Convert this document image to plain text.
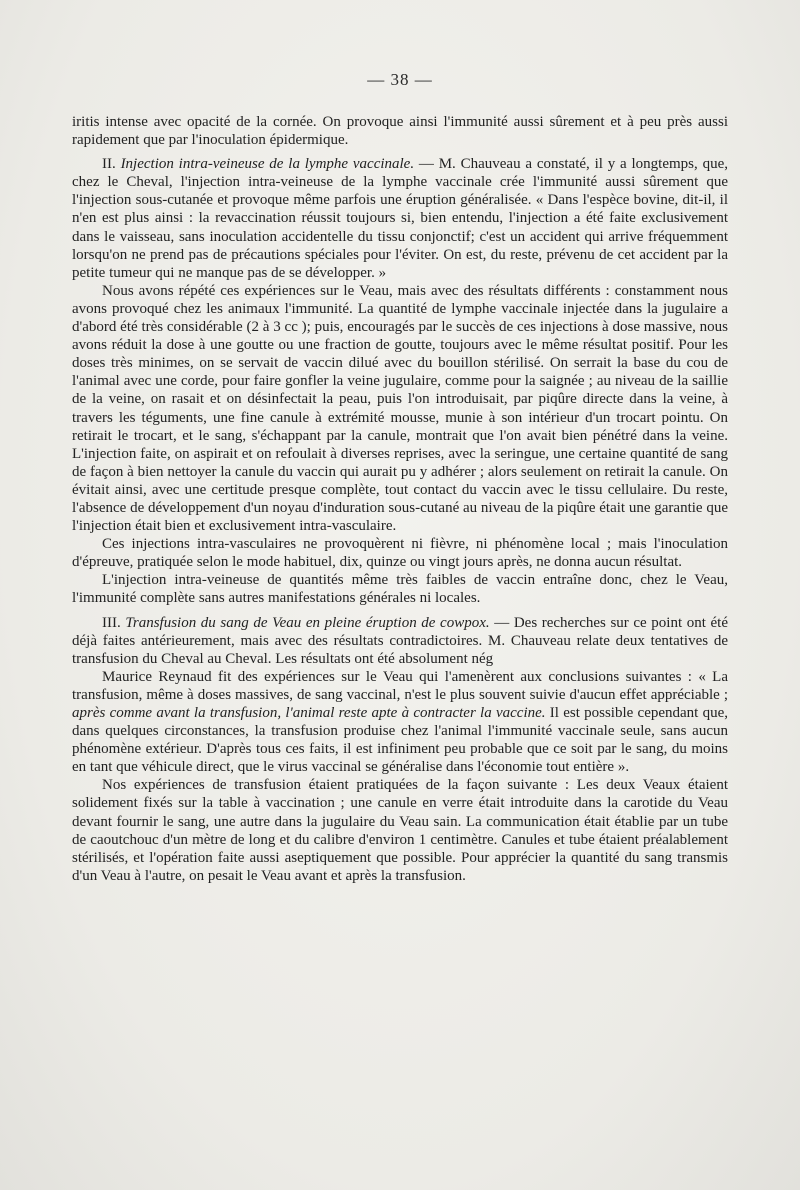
— 38 —

iritis intense avec opacité de la cornée. On provoque ainsi l'immunité aussi sûrement et à peu près aussi rapidement que par l'inoculation épidermique.

II. Injection intra-veineuse de la lymphe vaccinale. — M. Chauveau a constaté, il y a longtemps, que, chez le Cheval, l'injection intra-veineuse de la lymphe vaccinale crée l'immunité aussi sûrement que l'injection sous-cutanée et provoque même parfois une éruption généralisée. « Dans l'espèce bovine, dit-il, il n'en est plus ainsi : la revaccination réussit toujours si, bien entendu, l'injection a été faite exclusivement dans le vaisseau, sans inoculation accidentelle du tissu conjonctif; c'est un accident qui arrive fréquemment lorsqu'on ne prend pas de précautions spéciales pour l'éviter. On est, du reste, prévenu de cet accident par la petite tumeur qui ne manque pas de se développer. »

Nous avons répété ces expériences sur le Veau, mais avec des résultats différents : constamment nous avons provoqué chez les animaux l'immunité. La quantité de lymphe vaccinale injectée dans la jugulaire a d'abord été très considérable (2 à 3 cc ); puis, encouragés par le succès de ces injections à dose massive, nous avons réduit la dose à une goutte ou une fraction de goutte, toujours avec le même résultat positif. Pour les doses très minimes, on se servait de vaccin dilué avec du bouillon stérilisé. On serrait la base du cou de l'animal avec une corde, pour faire gonfler la veine jugulaire, comme pour la saignée ; au niveau de la saillie de la veine, on rasait et on désinfectait la peau, puis l'on introduisait, par piqûre directe dans la veine, à travers les téguments, une fine canule à extrémité mousse, munie à son intérieur d'un trocart pointu. On retirait le trocart, et le sang, s'échappant par la canule, montrait que l'on avait bien pénétré dans la veine. L'injection faite, on aspirait et on refoulait à diverses reprises, avec la seringue, une certaine quantité de sang de façon à bien nettoyer la canule du vaccin qui aurait pu y adhérer ; alors seulement on retirait la canule. On évitait ainsi, avec une certitude presque complète, tout contact du vaccin avec le tissu cellulaire. Du reste, l'absence de développement d'un noyau d'induration sous-cutané au niveau de la piqûre était une garantie que l'injection était bien et exclusivement intra-vasculaire.

Ces injections intra-vasculaires ne provoquèrent ni fièvre, ni phénomène local ; mais l'inoculation d'épreuve, pratiquée selon le mode habituel, dix, quinze ou vingt jours après, ne donna aucun résultat.

L'injection intra-veineuse de quantités même très faibles de vaccin entraîne donc, chez le Veau, l'immunité complète sans autres manifestations générales ni locales.

III. Transfusion du sang de Veau en pleine éruption de cowpox. — Des recherches sur ce point ont été déjà faites antérieurement, mais avec des résultats contradictoires. M. Chauveau relate deux tentatives de transfusion du Cheval au Cheval. Les résultats ont été absolument nég

Maurice Reynaud fit des expériences sur le Veau qui l'amenèrent aux conclusions suivantes : « La transfusion, même à doses massives, de sang vaccinal, n'est le plus souvent suivie d'aucun effet appréciable ; après comme avant la transfusion, l'animal reste apte à contracter la vaccine. Il est possible cependant que, dans quelques circonstances, la transfusion produise chez l'animal l'immunité vaccinale seule, sans aucun phénomène extérieur. D'après tous ces faits, il est infiniment peu probable que ce soit par le sang, du moins en tant que véhicule direct, que le virus vaccinal se généralise dans l'économie tout entière ».

Nos expériences de transfusion étaient pratiquées de la façon suivante : Les deux Veaux étaient solidement fixés sur la table à vaccination ; une canule en verre était introduite dans la carotide du Veau devant fournir le sang, une autre dans la jugulaire du Veau sain. La communication était établie par un tube de caoutchouc d'un mètre de long et du calibre d'environ 1 centimètre. Canules et tube étaient préalablement stérilisés, et l'opération faite aussi aseptiquement que possible. Pour apprécier la quantité du sang transmis d'un Veau à l'autre, on pesait le Veau avant et après la transfusion.
